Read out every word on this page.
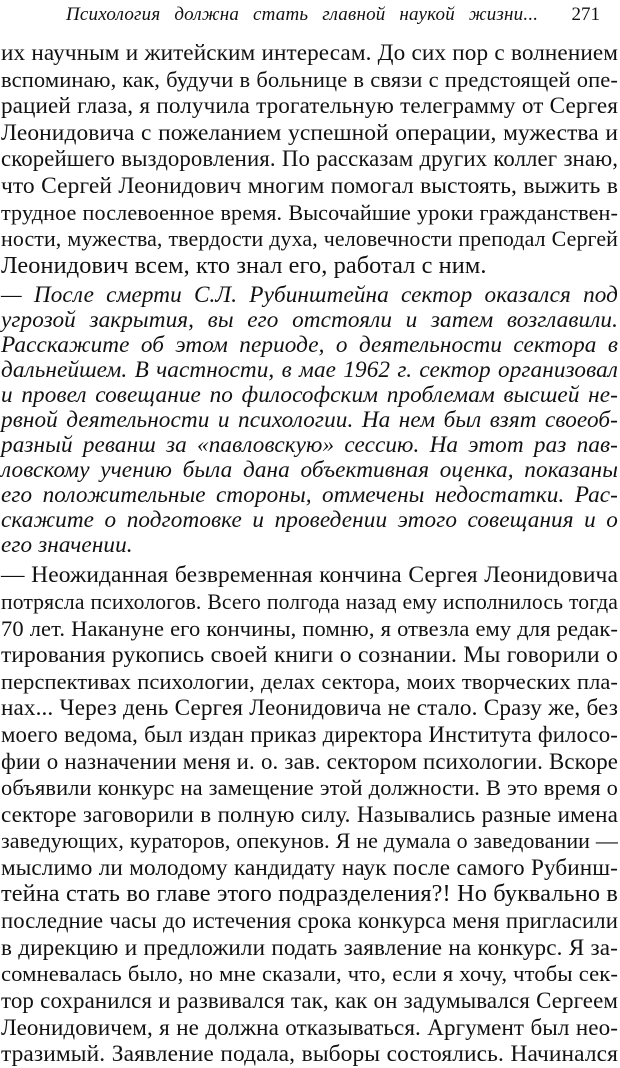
Психология должна стать главной наукой жизни... 271

их научным и житейским интересам. До сих пор с волнением
вспоминаю, как, будучи в больнице в связи с предстоящей опе-
рацией глаза, я получила трогательную телеграмму от Сергея
Леонидовича с пожеланием успешной операции, мужества и
скорейшего выздоровления. По рассказам других коллег знаю,
что Сергей Леонидович многим помогал выстоять, выжить в
трудное послевоенное время. Высочайшие уроки гражданствен-
ности, мужества, твердости духа, человечности преподал Сергей
Леонидович всем, кто знал его, работал с ним.

— После смерти С.Л. Рубинштейна сектор оказался под
угрозой закрытия, вы его отстояли и затем возглавили.
Расскажите об этом периоде, о деятельности сектора в
дальнейшем. В частности, в мае 1962 г. сектор организовал
и провел совещание по философским проблемам высшей не-
рвной деятельности и психологии. На нем был взят своеоб-
разный реванш за «павловскую» сессию. На этот раз пав-
ловскому учению была дана объективная оценка, показаны
его положительные стороны, отмечены недостатки. Рас-
скажите о подготовке и проведении этого совещания и о
его значении.

— Неожиданная безвременная кончина Сергея Леонидовича
потрясла психологов. Всего полгода назад ему исполнилось тогда
70 лет. Накануне его кончины, помню, я отвезла ему для редак-
тирования рукопись своей книги о сознании. Мы говорили о
перспективах психологии, делах сектора, моих творческих пла-
нах... Через день Сергея Леонидовича не стало. Сразу же, без
моего ведома, был издан приказ директора Института филосо-
фии о назначении меня и. о. зав. сектором психологии. Вскоре
объявили конкурс на замещение этой должности. В это время о
секторе заговорили в полную силу. Назывались разные имена
заведующих, кураторов, опекунов. Я не думала о заведовании —
мыслимо ли молодому кандидату наук после самого Рубинш-
тейна стать во главе этого подразделения?! Но буквально в
последние часы до истечения срока конкурса меня пригласили
в дирекцию и предложили подать заявление на конкурс. Я за-
сомневалась было, но мне сказали, что, если я хочу, чтобы сек-
тор сохранился и развивался так, как он задумывался Сергеем
Леонидовичем, я не должна отказываться. Аргумент был нео-
тразимый. Заявление подала, выборы состоялись. Начинался
